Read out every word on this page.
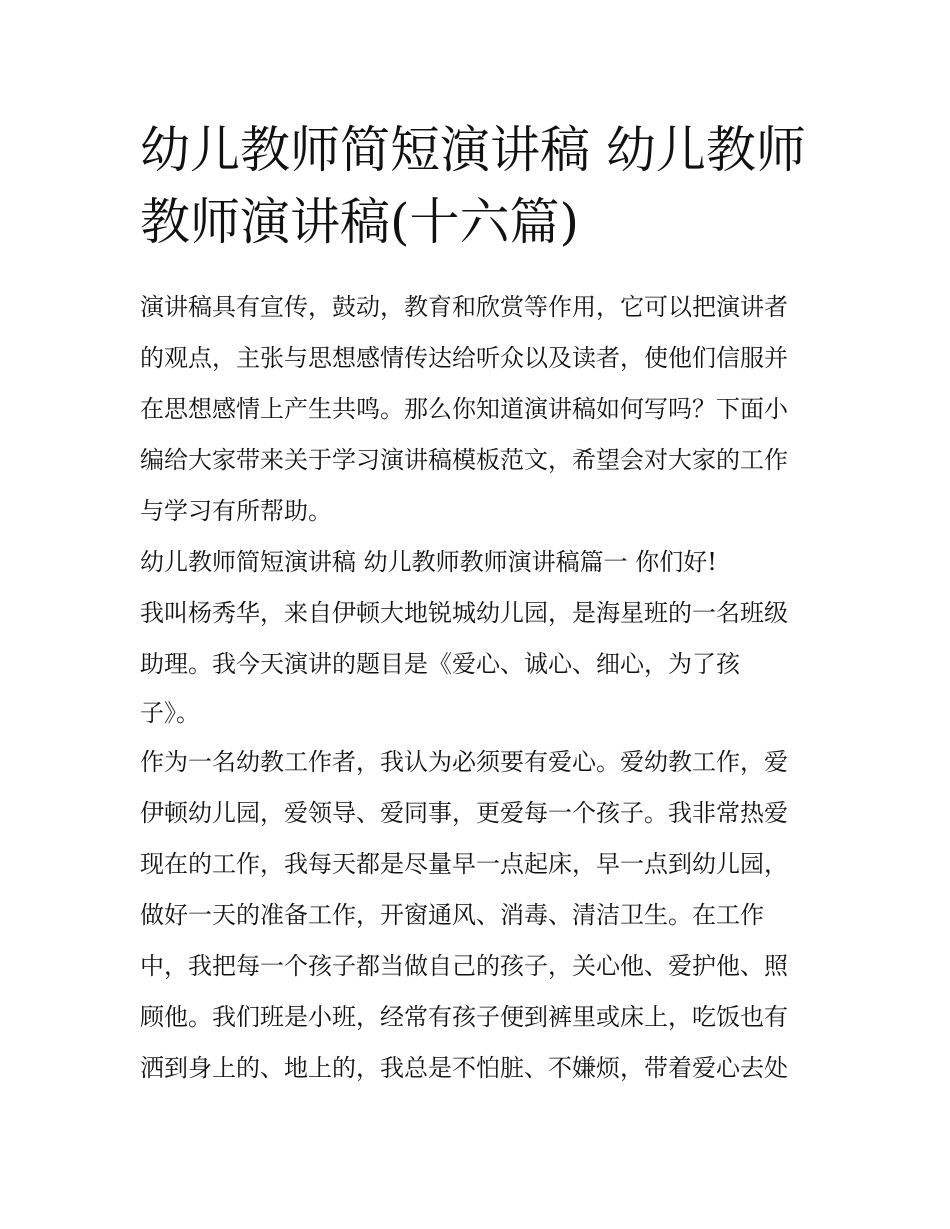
幼儿教师简短演讲稿 幼儿教师
教师演讲稿(十六篇)
演讲稿具有宣传，鼓动，教育和欣赏等作用，它可以把演讲者
的观点，主张与思想感情传达给听众以及读者，使他们信服并
在思想感情上产生共鸣。那么你知道演讲稿如何写吗？下面小
编给大家带来关于学习演讲稿模板范文，希望会对大家的工作
与学习有所帮助。
幼儿教师简短演讲稿 幼儿教师教师演讲稿篇一 你们好!
我叫杨秀华，来自伊顿大地锐城幼儿园，是海星班的一名班级
助理。我今天演讲的题目是《爱心、诚心、细心，为了孩
子》。
作为一名幼教工作者，我认为必须要有爱心。爱幼教工作，爱
伊顿幼儿园，爱领导、爱同事，更爱每一个孩子。我非常热爱
现在的工作，我每天都是尽量早一点起床，早一点到幼儿园，
做好一天的准备工作，开窗通风、消毒、清洁卫生。在工作
中，我把每一个孩子都当做自己的孩子，关心他、爱护他、照
顾他。我们班是小班，经常有孩子便到裤里或床上，吃饭也有
洒到身上的、地上的，我总是不怕脏、不嫌烦，带着爱心去处
